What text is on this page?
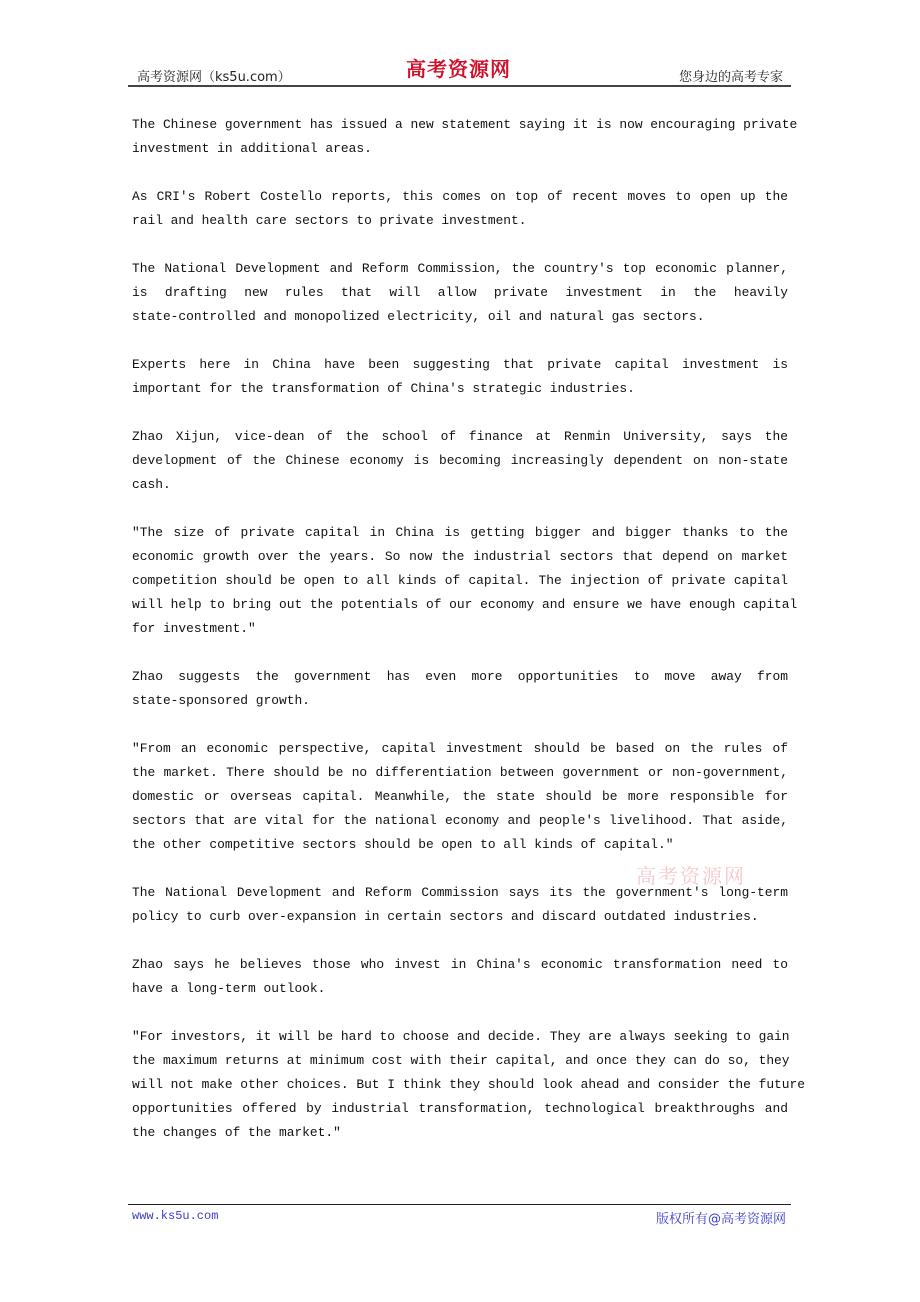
高考资源网（ks5u.com）	高考资源网	您身边的高考专家
The Chinese government has issued a new statement saying it is now encouraging private
investment in additional areas.
As CRI's Robert Costello reports, this comes on top of recent moves to open up the
rail and health care sectors to private investment.
The National Development and Reform Commission, the country's top economic planner,
is drafting new rules that will allow private investment in the heavily
state-controlled and monopolized electricity, oil and natural gas sectors.
Experts here in China have been suggesting that private capital investment is
important for the transformation of China's strategic industries.
Zhao Xijun, vice-dean of the school of finance at Renmin University, says the
development of the Chinese economy is becoming increasingly dependent on non-state
cash.
"The size of private capital in China is getting bigger and bigger thanks to the
economic growth over the years. So now the industrial sectors that depend on market
competition should be open to all kinds of capital. The injection of private capital
will help to bring out the potentials of our economy and ensure we have enough capital
for investment."
Zhao suggests the government has even more opportunities to move away from
state-sponsored growth.
"From an economic perspective, capital investment should be based on the rules of
the market. There should be no differentiation between government or non-government,
domestic or overseas capital. Meanwhile, the state should be more responsible for
sectors that are vital for the national economy and people's livelihood. That aside,
the other competitive sectors should be open to all kinds of capital."
The National Development and Reform Commission says its the government's long-term
policy to curb over-expansion in certain sectors and discard outdated industries.
Zhao says he believes those who invest in China's economic transformation need to
have a long-term outlook.
"For investors, it will be hard to choose and decide. They are always seeking to gain
the maximum returns at minimum cost with their capital, and once they can do so, they
will not make other choices. But I think they should look ahead and consider the future
opportunities offered by industrial transformation, technological breakthroughs and
the changes of the market."
高考资源网
www.ks5u.com	版权所有@高考资源网
